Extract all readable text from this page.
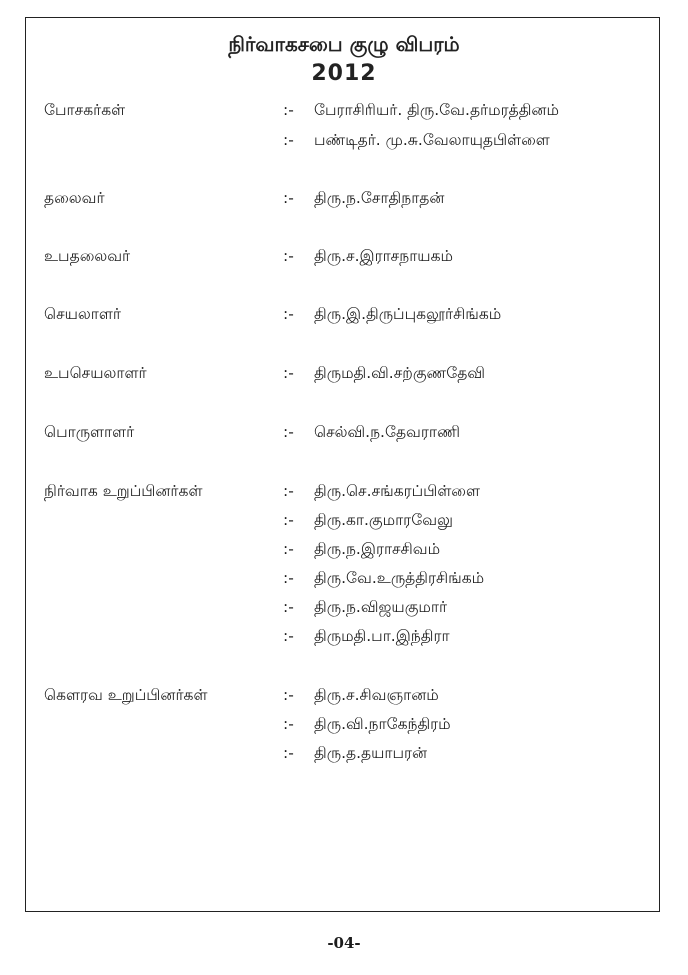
நிர்வாகசபை குழு விபரம்
2012
போசகர்கள்	:- பேராசிரியர். திரு.வே.தர்மரத்தினம்
:- பண்டிதர். மு.சு.வேலாயுதபிள்ளை
தலைவர்	:- திரு.ந.சோதிநாதன்
உபதலைவர்	:- திரு.ச.இராசநாயகம்
செயலாளர்	:- திரு.இ.திருப்புகலூர்சிங்கம்
உபசெயலாளர்	:- திருமதி.வி.சற்குணதேவி
பொருளாளர்	:- செல்வி.ந.தேவராணி
நிர்வாக உறுப்பினர்கள்	:- திரு.செ.சங்கரப்பிள்ளை
:- திரு.கா.குமாரவேலு
:- திரு.ந.இராசசிவம்
:- திரு.வே.உருத்திரசிங்கம்
:- திரு.ந.விஜயகுமார்
:- திருமதி.பா.இந்திரா
கௌரவ உறுப்பினர்கள்	:- திரு.ச.சிவஞானம்
:- திரு.வி.நாகேந்திரம்
:- திரு.த.தயாபரன்
-04-
